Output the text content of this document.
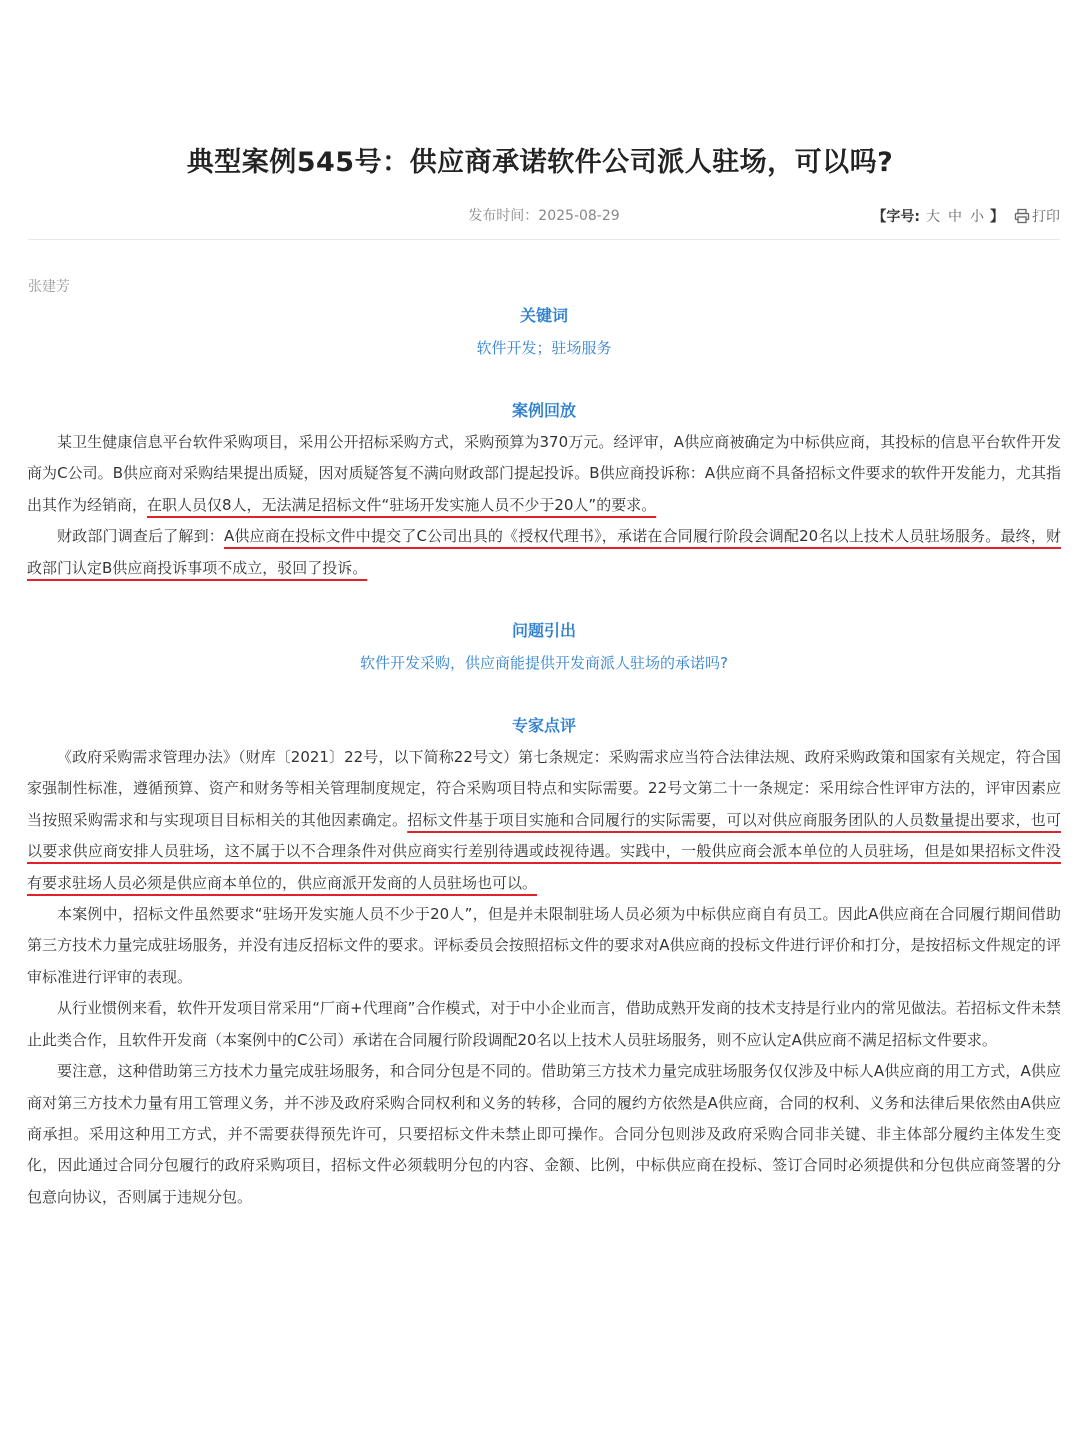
典型案例545号：供应商承诺软件公司派人驻场，可以吗?
发布时间：2025-08-29	【字号: 大 中 小 】 打印
张建芳
关键词
软件开发；驻场服务
案例回放

某卫生健康信息平台软件采购项目，采用公开招标采购方式，采购预算为370万元。经评审，A供应商被确定为中标供应商，其投标的信息平台软件开发商为C公司。B供应商对采购结果提出质疑，因对质疑答复不满向财政部门提起投诉。B供应商投诉称：A供应商不具备招标文件要求的软件开发能力，尤其指出其作为经销商，在职人员仅8人，无法满足招标文件“驻场开发实施人员不少于20人”的要求。

财政部门调查后了解到：A供应商在投标文件中提交了C公司出具的《授权代理书》，承诺在合同履行阶段会调配20名以上技术人员驻场服务。最终，财政部门认定B供应商投诉事项不成立，驳回了投诉。

问题引出
软件开发采购，供应商能提供开发商派人驻场的承诺吗?
专家点评

《政府采购需求管理办法》（财库〔2021〕22号，以下简称22号文）第七条规定：采购需求应当符合法律法规、政府采购政策和国家有关规定，符合国家强制性标准，遵循预算、资产和财务等相关管理制度规定，符合采购项目特点和实际需要。22号文第二十一条规定：采用综合性评审方法的，评审因素应当按照采购需求和与实现项目目标相关的其他因素确定。招标文件基于项目实施和合同履行的实际需要，可以对供应商服务团队的人员数量提出要求，也可以要求供应商安排人员驻场，这不属于以不合理条件对供应商实行差别待遇或歧视待遇。实践中，一般供应商会派本单位的人员驻场，但是如果招标文件没有要求驻场人员必须是供应商本单位的，供应商派开发商的人员驻场也可以。

本案例中，招标文件虽然要求“驻场开发实施人员不少于20人”，但是并未限制驻场人员必须为中标供应商自有员工。因此A供应商在合同履行期间借助第三方技术力量完成驻场服务，并没有违反招标文件的要求。评标委员会按照招标文件的要求对A供应商的投标文件进行评价和打分，是按招标文件规定的评审标准进行评审的表现。

从行业惯例来看，软件开发项目常采用“厂商+代理商”合作模式，对于中小企业而言，借助成熟开发商的技术支持是行业内的常见做法。若招标文件未禁止此类合作，且软件开发商（本案例中的C公司）承诺在合同履行阶段调配20名以上技术人员驻场服务，则不应认定A供应商不满足招标文件要求。

要注意，这种借助第三方技术力量完成驻场服务，和合同分包是不同的。借助第三方技术力量完成驻场服务仅仅涉及中标人A供应商的用工方式，A供应商对第三方技术力量有用工管理义务，并不涉及政府采购合同权利和义务的转移，合同的履约方依然是A供应商，合同的权利、义务和法律后果依然由A供应商承担。采用这种用工方式，并不需要获得预先许可，只要招标文件未禁止即可操作。合同分包则涉及政府采购合同非关键、非主体部分履约主体发生变化，因此通过合同分包履行的政府采购项目，招标文件必须载明分包的内容、金额、比例，中标供应商在投标、签订合同时必须提供和分包供应商签署的分包意向协议，否则属于违规分包。
